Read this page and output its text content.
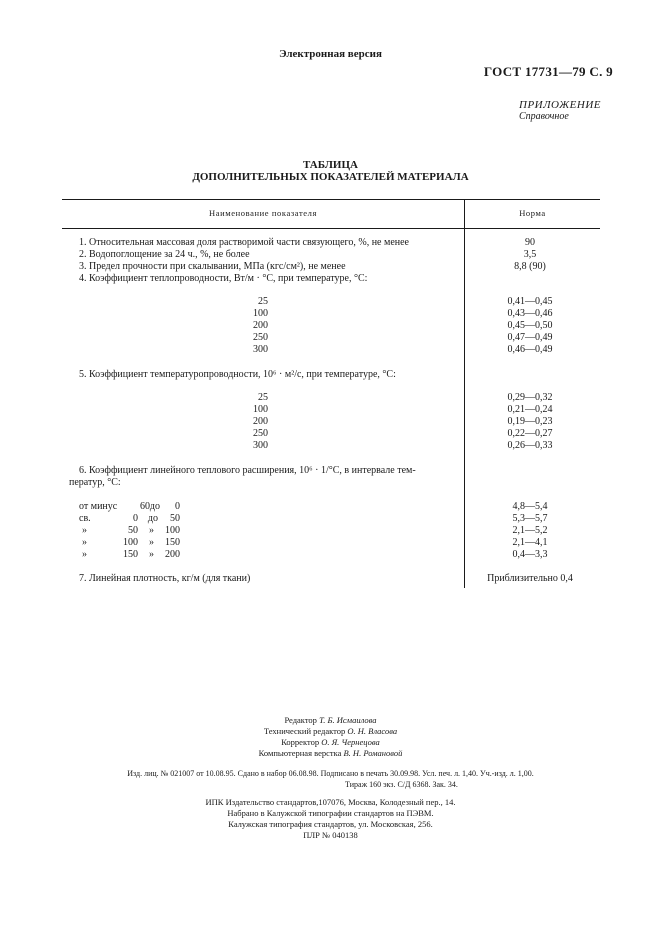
Электронная версия
ГОСТ 17731—79 С. 9
ПРИЛОЖЕНИЕ
Справочное
ТАБЛИЦА
ДОПОЛНИТЕЛЬНЫХ ПОКАЗАТЕЛЕЙ МАТЕРИАЛА
Наименование показателя	Норма
1. Относительная массовая доля растворимой части связующего, %, не менее	90
2. Водопоглощение за 24 ч., %, не более	3,5
3. Предел прочности при скалывании, МПа (кгс/см²), не менее	8,8 (90)
4. Коэффициент теплопроводности, Вт/м · °С, при температуре, °С:
25	0,41—0,45
100	0,43—0,46
200	0,45—0,50
250	0,47—0,49
300	0,46—0,49
5. Коэффициент температуропроводности, 10⁶ · м²/с, при температуре, °С:
25	0,29—0,32
100	0,21—0,24
200	0,19—0,23
250	0,22—0,27
300	0,26—0,33
6. Коэффициент линейного теплового расширения, 10⁶ · 1/°С, в интервале тем-
ператур, °С:
от минус	60 до	0	4,8—5,4
св.	0 до	50	5,3—5,7
»	50	»	100	2,1—5,2
»	100	»	150	2,1—4,1
»	150	»	200	0,4—3,3
7. Линейная плотность, кг/м (для ткани)	Приблизительно 0,4
Редактор Т. Б. Исмаилова
Технический редактор О. Н. Власова
Корректор О. Я. Чернецова
Компьютерная верстка В. Н. Романовой
Изд. лиц. № 021007 от 10.08.95. Сдано в набор 06.08.98. Подписано в печать 30.09.98. Усл. печ. л. 1,40. Уч.-изд. л. 1,00.
Тираж 160 экз. С/Д 6368. Зак. 34.
ИПК Издательство стандартов,107076, Москва, Колодезный пер., 14.
Набрано в Калужской типографии стандартов на ПЭВМ.
Калужская типография стандартов, ул. Московская, 256.
ПЛР № 040138
